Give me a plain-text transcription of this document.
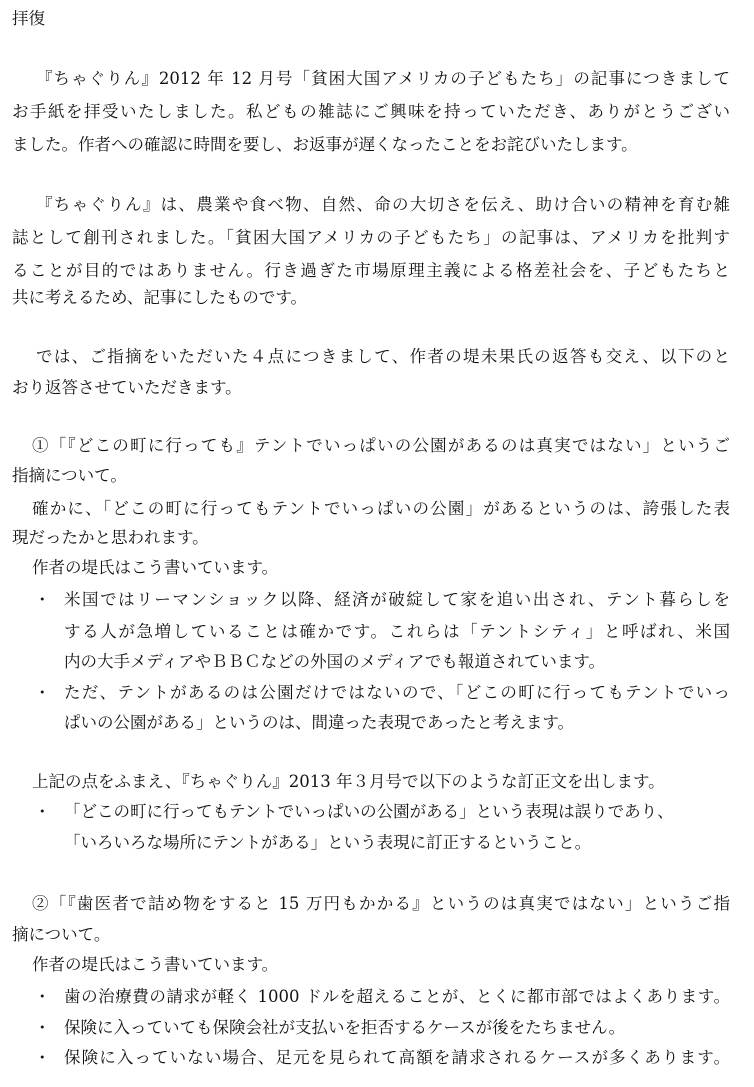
拝復
『ちゃぐりん』2012 年 12 月号「貧困大国アメリカの子どもたち」の記事につきまして
お手紙を拝受いたしました。私どもの雑誌にご興味を持っていただき、ありがとうござい
ました。作者への確認に時間を要し、お返事が遅くなったことをお詫びいたします。
『ちゃぐりん』は、農業や食べ物、自然、命の大切さを伝え、助け合いの精神を育む雑
誌として創刊されました。「貧困大国アメリカの子どもたち」の記事は、アメリカを批判す
ることが目的ではありません。行き過ぎた市場原理主義による格差社会を、子どもたちと
共に考えるため、記事にしたものです。
では、ご指摘をいただいた４点につきまして、作者の堤未果氏の返答も交え、以下のと
おり返答させていただきます。
①「『どこの町に行っても』テントでいっぱいの公園があるのは真実ではない」というご
指摘について。
確かに、「どこの町に行ってもテントでいっぱいの公園」があるというのは、誇張した表
現だったかと思われます。
作者の堤氏はこう書いています。
・ 米国ではリーマンショック以降、経済が破綻して家を追い出され、テント暮らしを
する人が急増していることは確かです。これらは「テントシティ」と呼ばれ、米国
内の大手メディアやＢＢＣなどの外国のメディアでも報道されています。
・ ただ、テントがあるのは公園だけではないので、「どこの町に行ってもテントでいっ
ぱいの公園がある」というのは、間違った表現であったと考えます。
上記の点をふまえ、『ちゃぐりん』2013 年３月号で以下のような訂正文を出します。
・ 「どこの町に行ってもテントでいっぱいの公園がある」という表現は誤りであり、
「いろいろな場所にテントがある」という表現に訂正するということ。
②「『歯医者で詰め物をすると 15 万円もかかる』というのは真実ではない」というご指
摘について。
作者の堤氏はこう書いています。
・ 歯の治療費の請求が軽く 1000 ドルを超えることが、とくに都市部ではよくあります。
・ 保険に入っていても保険会社が支払いを拒否するケースが後をたちません。
・ 保険に入っていない場合、足元を見られて高額を請求されるケースが多くあります。
